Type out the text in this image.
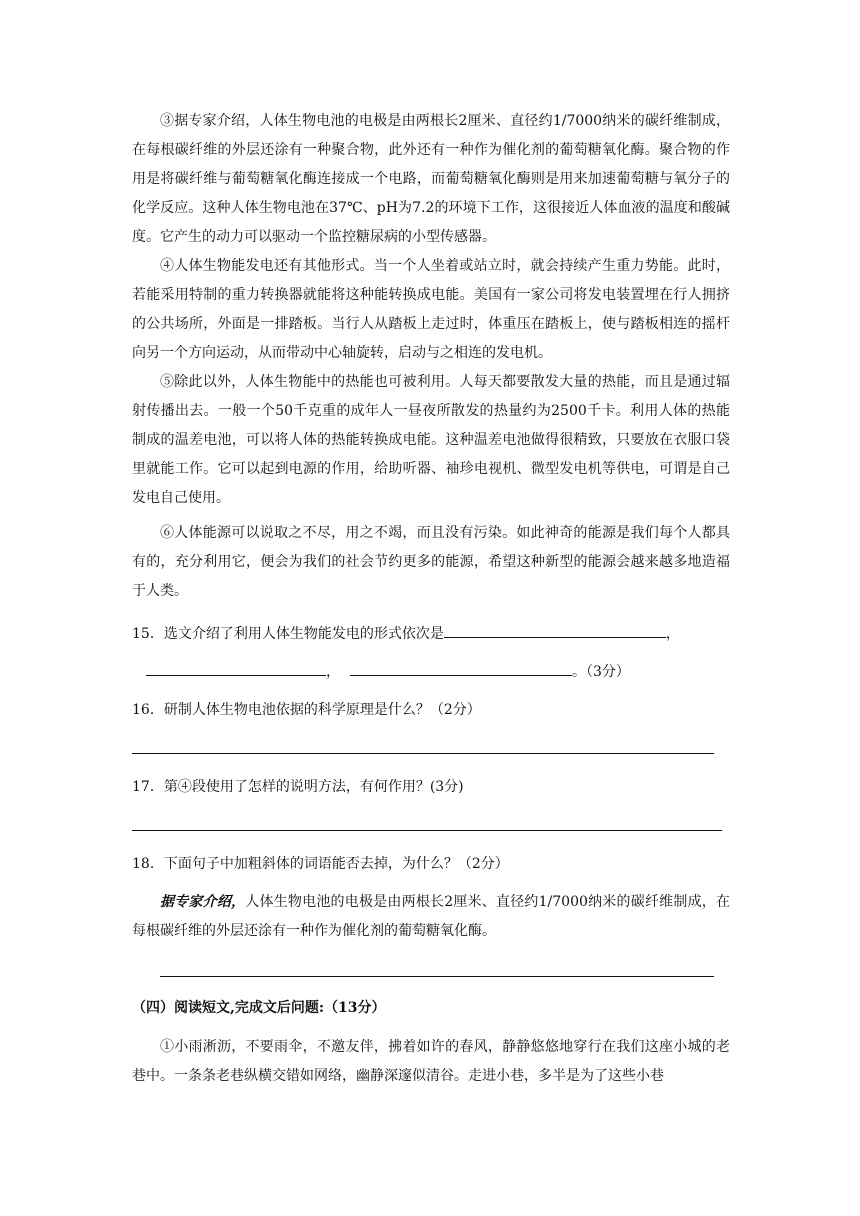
③据专家介绍，人体生物电池的电极是由两根长2厘米、直径约1/7000纳米的碳纤维制成，在每根碳纤维的外层还涂有一种聚合物，此外还有一种作为催化剂的葡萄糖氧化酶。聚合物的作用是将碳纤维与葡萄糖氧化酶连接成一个电路，而葡萄糖氧化酶则是用来加速葡萄糖与氧分子的化学反应。这种人体生物电池在37℃、pH为7.2的环境下工作，这很接近人体血液的温度和酸碱度。它产生的动力可以驱动一个监控糖尿病的小型传感器。

④人体生物能发电还有其他形式。当一个人坐着或站立时，就会持续产生重力势能。此时，若能采用特制的重力转换器就能将这种能转换成电能。美国有一家公司将发电装置埋在行人拥挤的公共场所，外面是一排踏板。当行人从踏板上走过时，体重压在踏板上，使与踏板相连的摇杆向另一个方向运动，从而带动中心轴旋转，启动与之相连的发电机。

⑤除此以外，人体生物能中的热能也可被利用。人每天都要散发大量的热能，而且是通过辐射传播出去。一般一个50千克重的成年人一昼夜所散发的热量约为2500千卡。利用人体的热能制成的温差电池，可以将人体的热能转换成电能。这种温差电池做得很精致，只要放在衣服口袋里就能工作。它可以起到电源的作用，给助听器、袖珍电视机、微型发电机等供电，可谓是自己发电自己使用。

⑥人体能源可以说取之不尽，用之不竭，而且没有污染。如此神奇的能源是我们每个人都具有的，充分利用它，便会为我们的社会节约更多的能源，希望这种新型的能源会越来越多地造福于人类。

15．选文介绍了利用人体生物能发电的形式依次是	，

，	。（3分）

16．研制人体生物电池依据的科学原理是什么？（2分）

17．第④段使用了怎样的说明方法，有何作用？(3分)

18．下面句子中加粗斜体的词语能否去掉，为什么？（2分）

据专家介绍，人体生物电池的电极是由两根长2厘米、直径约1/7000纳米的碳纤维制成，在每根碳纤维的外层还涂有一种作为催化剂的葡萄糖氧化酶。

（四）阅读短文,完成文后问题:（13分）

①小雨淅沥，不要雨伞，不邀友伴，拂着如许的春风，静静悠悠地穿行在我们这座小城的老巷中。一条条老巷纵横交错如网络，幽静深邃似清谷。走进小巷，多半是为了这些小巷
